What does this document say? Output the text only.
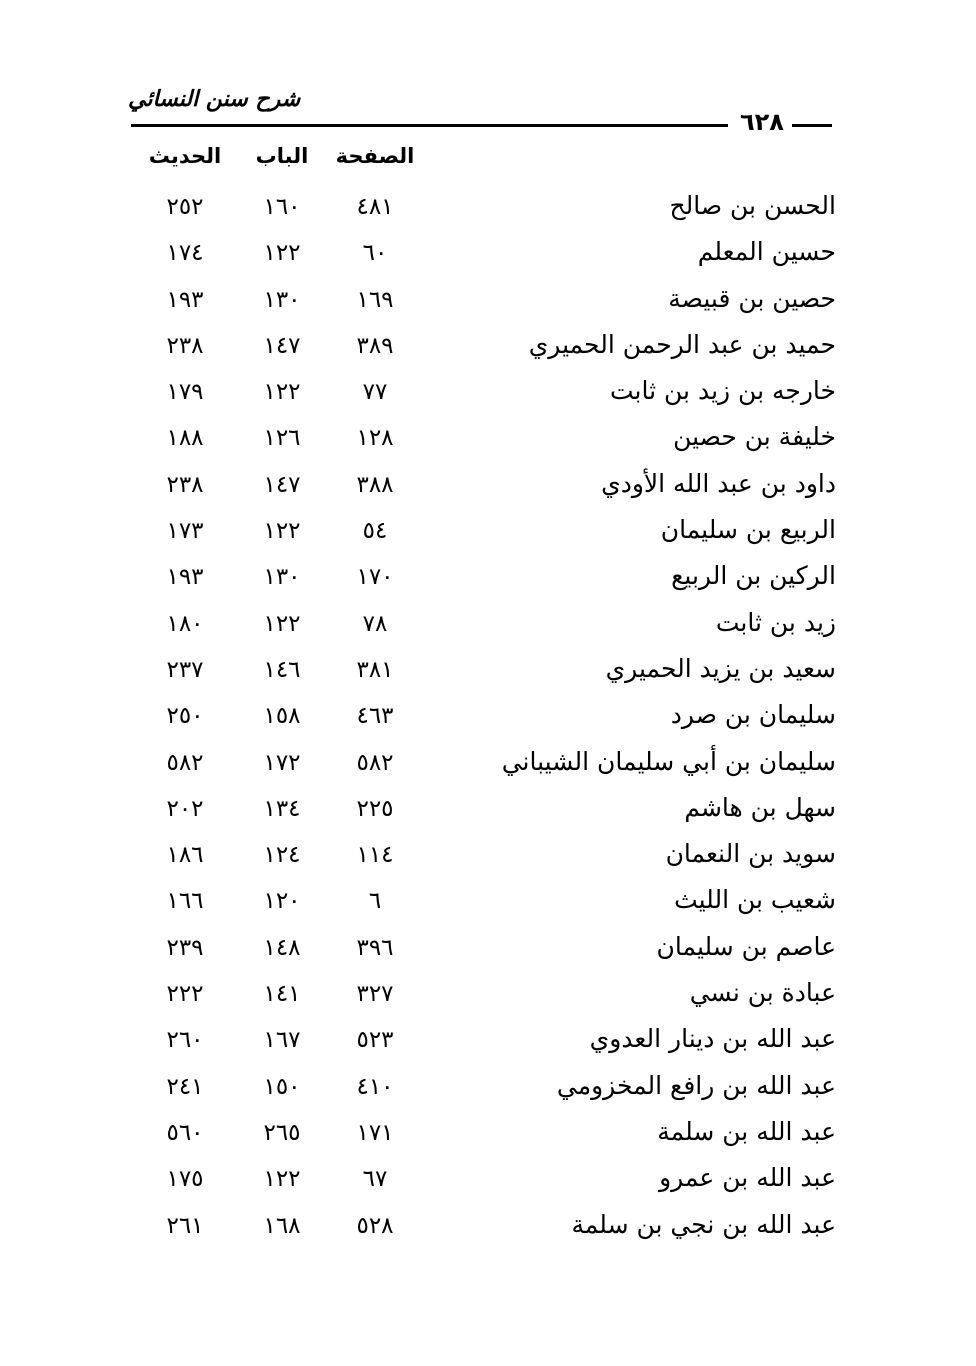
شرح سنن النسائي
٦٢٨
الصفحة
الباب
الحديث
الحسن بن صالح
٤٨١
١٦٠
٢٥٢
حسين المعلم
٦٠
١٢٢
١٧٤
حصين بن قبيصة
١٦٩
١٣٠
١٩٣
حميد بن عبد الرحمن الحميري
٣٨٩
١٤٧
٢٣٨
خارجه بن زيد بن ثابت
٧٧
١٢٢
١٧٩
خليفة بن حصين
١٢٨
١٢٦
١٨٨
داود بن عبد الله الأودي
٣٨٨
١٤٧
٢٣٨
الربيع بن سليمان
٥٤
١٢٢
١٧٣
الركين بن الربيع
١٧٠
١٣٠
١٩٣
زيد بن ثابت
٧٨
١٢٢
١٨٠
سعيد بن يزيد الحميري
٣٨١
١٤٦
٢٣٧
سليمان بن صرد
٤٦٣
١٥٨
٢٥٠
سليمان بن أبي سليمان الشيباني
٥٨٢
١٧٢
٥٨٢
سهل بن هاشم
٢٢٥
١٣٤
٢٠٢
سويد بن النعمان
١١٤
١٢٤
١٨٦
شعيب بن الليث
٦
١٢٠
١٦٦
عاصم بن سليمان
٣٩٦
١٤٨
٢٣٩
عبادة بن نسي
٣٢٧
١٤١
٢٢٢
عبد الله بن دينار العدوي
٥٢٣
١٦٧
٢٦٠
عبد الله بن رافع المخزومي
٤١٠
١٥٠
٢٤١
عبد الله بن سلمة
١٧١
٢٦٥
٥٦٠
عبد الله بن عمرو
٦٧
١٢٢
١٧٥
عبد الله بن نجي بن سلمة
٥٢٨
١٦٨
٢٦١
